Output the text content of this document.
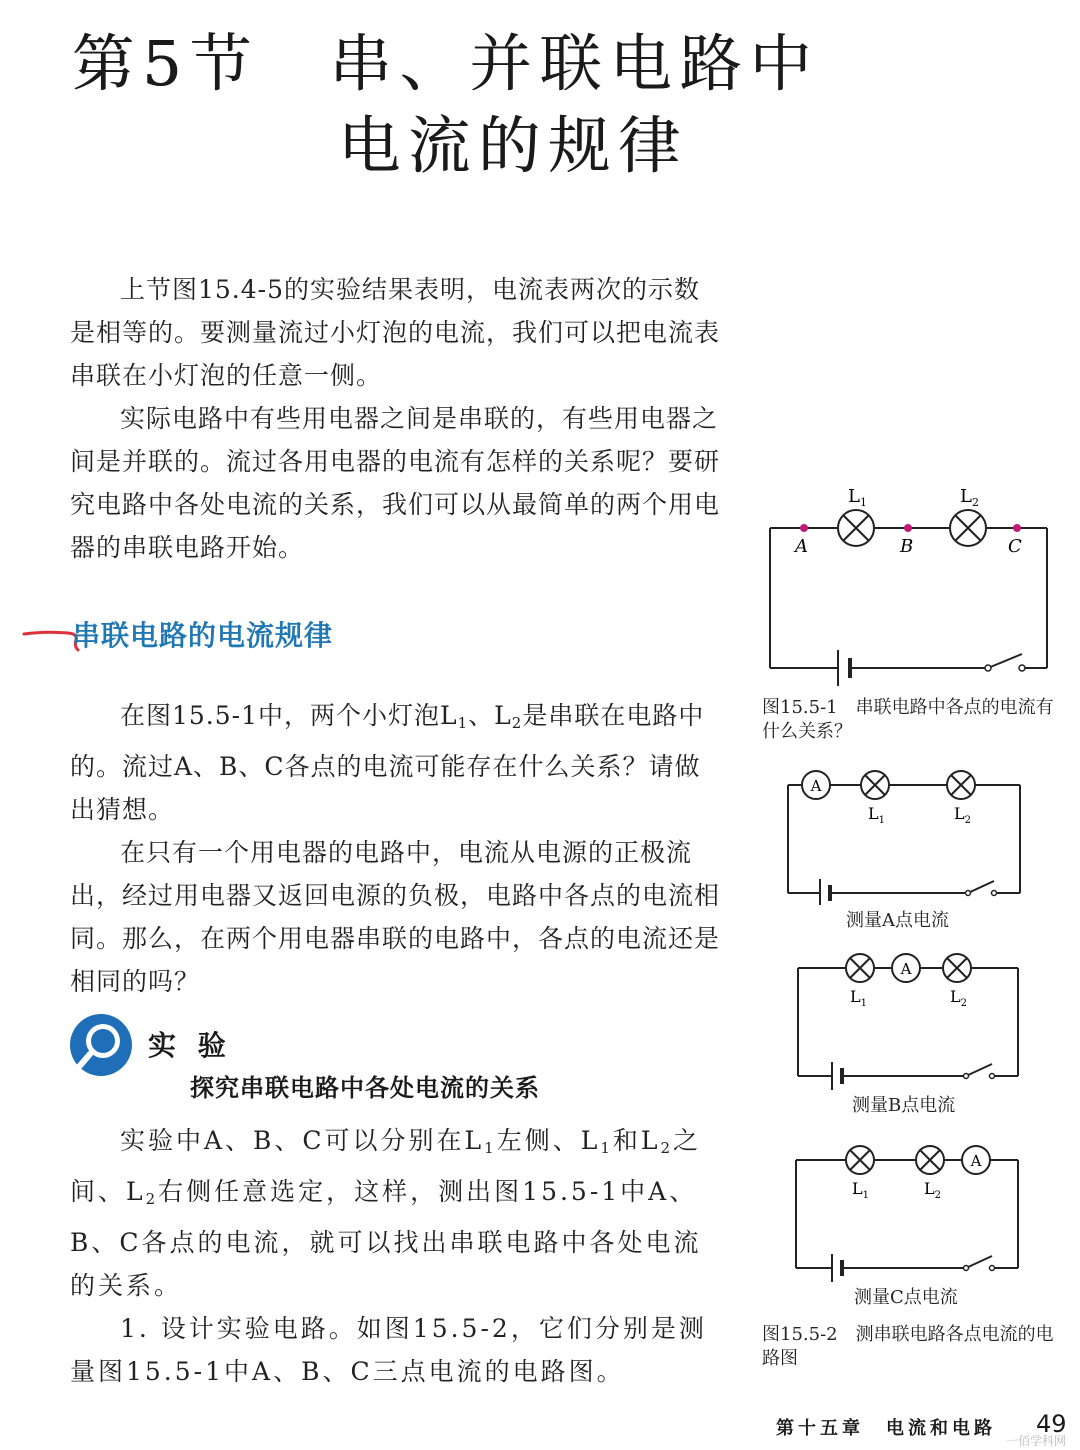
第5节 串、并联电路中
电流的规律

上节图15.4-5的实验结果表明，电流表两次的示数是相等的。要测量流过小灯泡的电流，我们可以把电流表串联在小灯泡的任意一侧。

实际电路中有些用电器之间是串联的，有些用电器之间是并联的。流过各用电器的电流有怎样的关系呢？要研究电路中各处电流的关系，我们可以从最简单的两个用电器的串联电路开始。

串联电路的电流规律

在图15.5-1中，两个小灯泡$L_1$、$L_2$是串联在电路中的。流过A、B、C各点的电流可能存在什么关系？请做出猜想。

在只有一个用电器的电路中，电流从电源的正极流出，经过用电器又返回电源的负极，电路中各点的电流相同。那么，在两个用电器串联的电路中，各点的电流还是相同的吗？

实 验
探究串联电路中各处电流的关系

实验中A、B、C可以分别在$L_1$左侧、$L_1$和$L_2$之间、$L_2$右侧任意选定，这样，测出图15.5-1中A、B、C各点的电流，就可以找出串联电路中各处电流的关系。

1. 设计实验电路。如图15.5-2，它们分别是测量图15.5-1中A、B、C三点电流的电路图。

$L_1$	$L_2$
A	B	C
图15.5-1　串联电路中各点的电流有什么关系？
A
$L_1$	$L_2$
测量A点电流
A
$L_1$	$L_2$
测量B点电流
A
$L_1$	$L_2$
测量C点电流
图15.5-2　测串联电路各点电流的电路图
第十五章　电流和电路 49
一佰学科网
